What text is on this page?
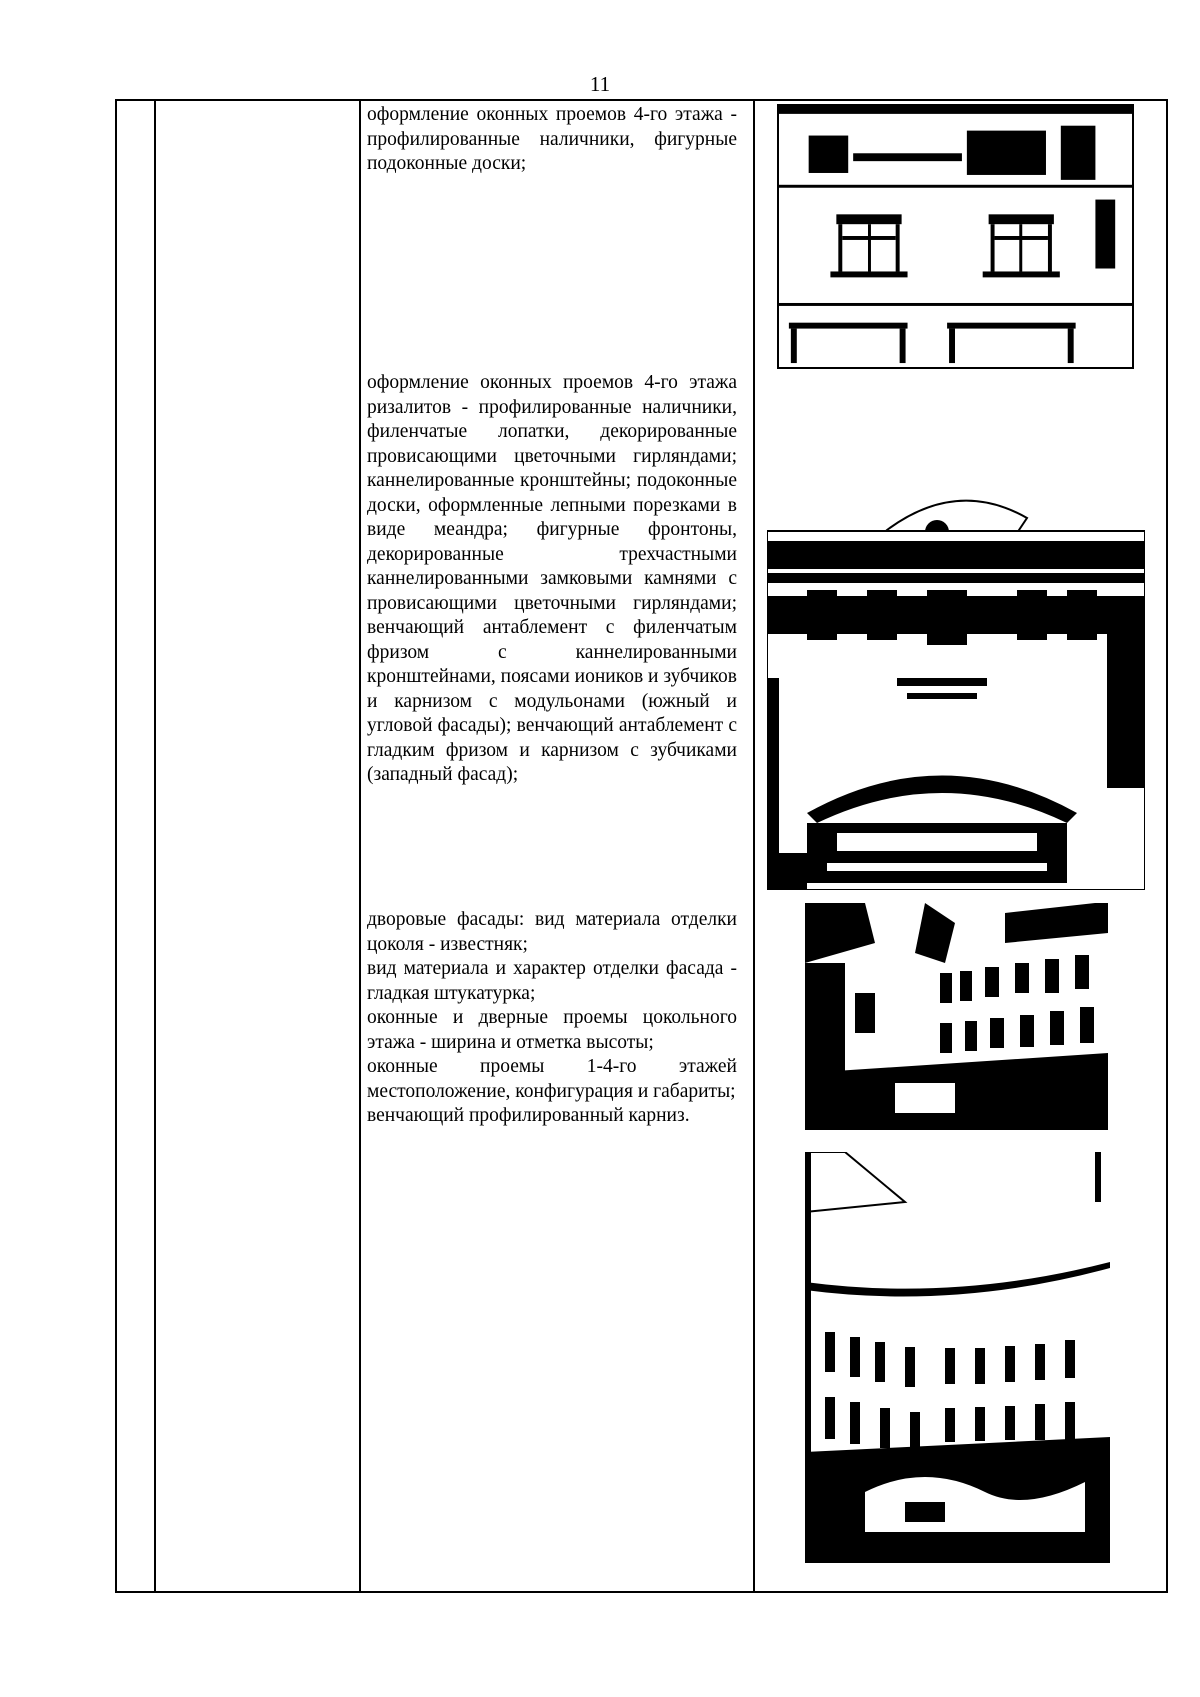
11

оформление оконных проемов 4-го этажа - профилированные наличники, фигурные подоконные доски;

оформление оконных проемов 4-го этажа ризалитов - профилированные наличники, филенчатые лопатки, декорированные провисающими цветочными гирляндами; каннелированные кронштейны; подоконные доски, оформленные лепными порезками в виде меандра; фигурные фронтоны, декорированные трехчастными каннелированными замковыми камнями с провисающими цветочными гирляндами; венчающий антаблемент с филенчатым фризом с каннелированными кронштейнами, поясами иоников и зубчиков и карнизом с модульонами (южный и угловой фасады); венчающий антаблемент с гладким фризом и карнизом с зубчиками (западный фасад);

дворовые фасады: вид материала отделки цоколя - известняк;

вид материала и характер отделки фасада - гладкая штукатурка;

оконные и дверные проемы цокольного этажа - ширина и отметка высоты;

оконные проемы 1-4-го этажей местоположение, конфигурация и габариты;

венчающий профилированный карниз.
